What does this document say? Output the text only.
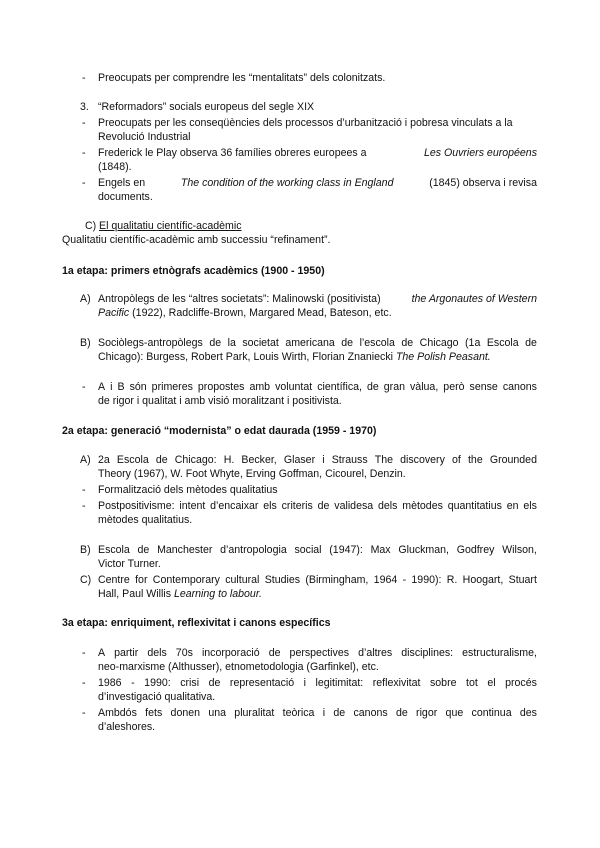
- Preocupats per comprendre les “mentalitats” dels colonitzats.
3. “Reformadors” socials europeus del segle XIX
- Preocupats per les conseqüències dels processos d’urbanització i pobresa vinculats a la
Revolució Industrial
- Frederick le Play observa 36 famílies obreres europees a	Les Ouvriers européens
(1848).
- Engels en	The condition of the working class in England	(1845) observa i revisa
documents.
C) El qualitatiu científic-acadèmic
Qualitatiu científic-acadèmic amb successiu “refinament”.
1a etapa: primers etnògrafs acadèmics (1900 - 1950)
A) Antropòlegs de les “altres societats”: Malinowski (positivista)	the Argonautes of Western
Pacific (1922), Radcliffe-Brown, Margared Mead, Bateson, etc.
B) Sociòlegs-antropòlegs de la societat americana de l’escola de Chicago (1a Escola de
Chicago): Burgess, Robert Park, Louis Wirth, Florian Znaniecki The Polish Peasant.
- A i B són primeres propostes amb voluntat científica, de gran vàlua, però sense canons
de rigor i qualitat i amb visió moralitzant i positivista.
2a etapa: generació “modernista” o edat daurada (1959 - 1970)
A) 2a Escola de Chicago: H. Becker, Glaser i Strauss The discovery of the Grounded
Theory (1967), W. Foot Whyte, Erving Goffman, Cicourel, Denzin.
- Formalització dels mètodes qualitatius
- Postpositivisme: intent d’encaixar els criteris de validesa dels mètodes quantitatius en els
mètodes qualitatius.
B) Escola de Manchester d’antropologia social (1947): Max Gluckman, Godfrey Wilson,
Victor Turner.
C) Centre for Contemporary cultural Studies (Birmingham, 1964 - 1990): R. Hoogart, Stuart
Hall, Paul Willis Learning to labour.
3a etapa: enriquiment, reflexivitat i canons específics
- A partir dels 70s incorporació de perspectives d’altres disciplines: estructuralisme,
neo-marxisme (Althusser), etnometodologia (Garfinkel), etc.
- 1986 - 1990: crisi de representació i legitimitat: reflexivitat sobre tot el procés
d’investigació qualitativa.
- Ambdós fets donen una pluralitat teòrica i de canons de rigor que continua des
d’aleshores.
